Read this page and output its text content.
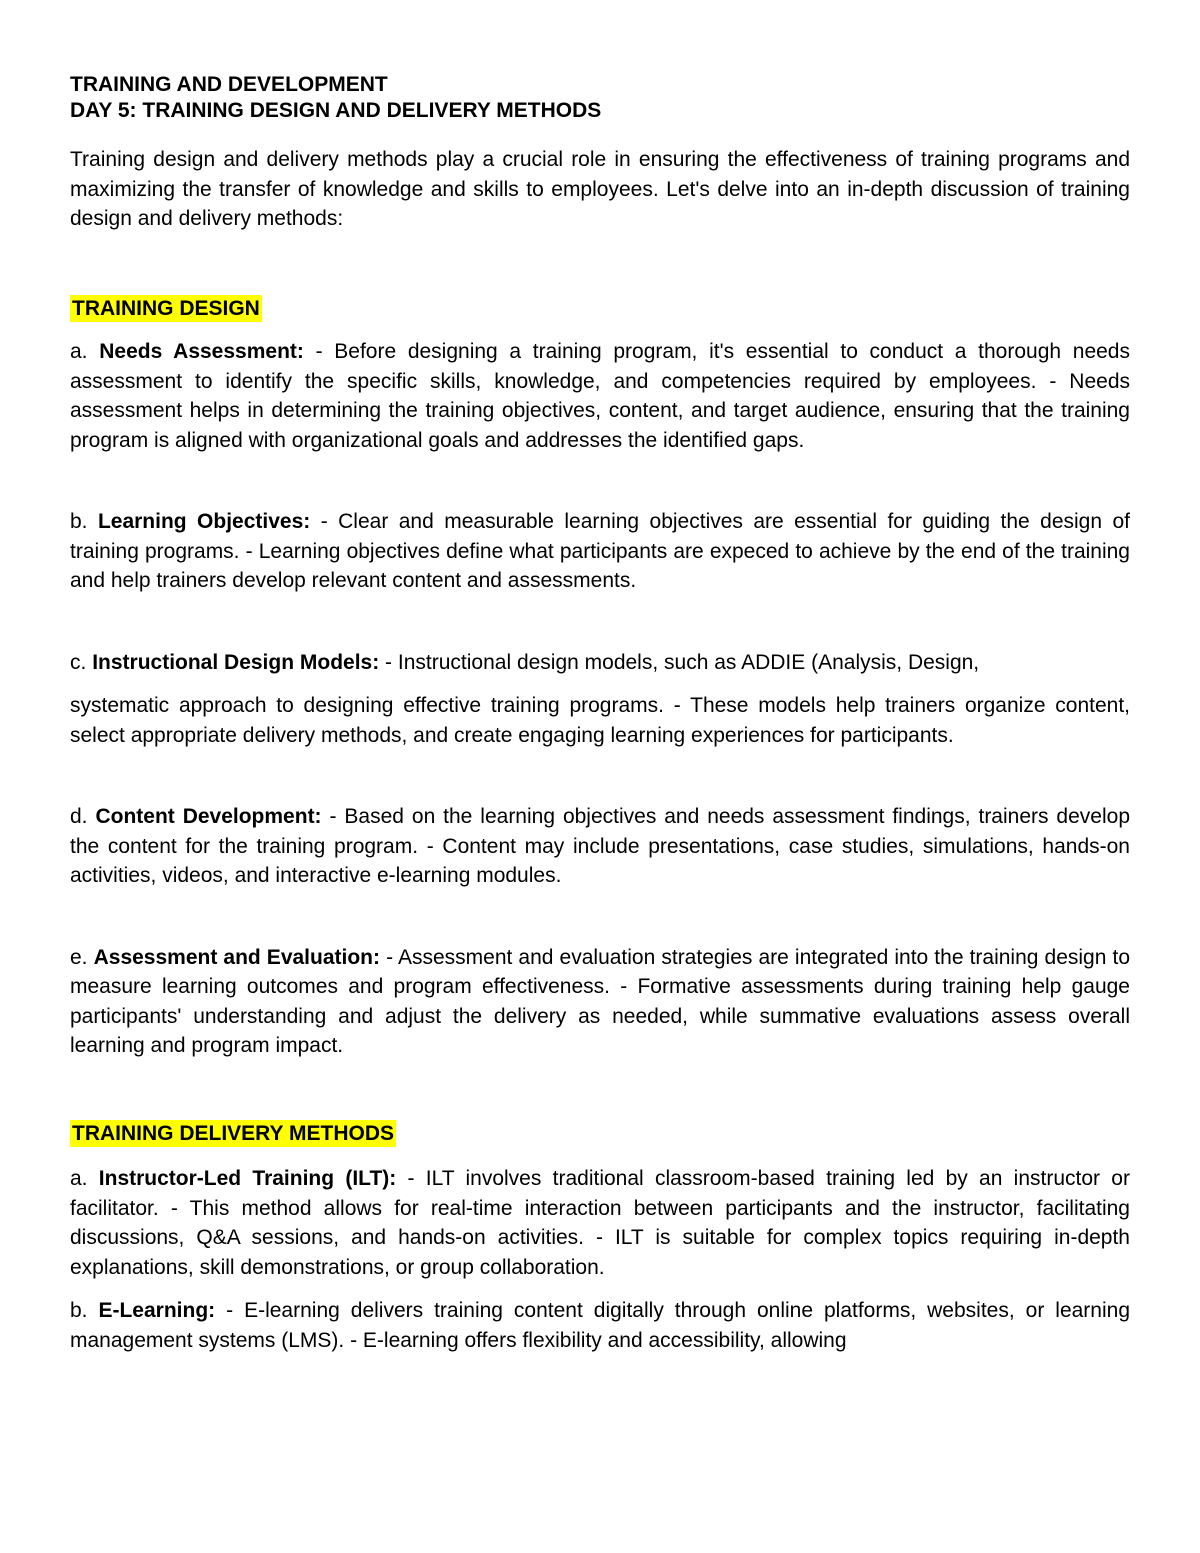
TRAINING AND DEVELOPMENT
DAY 5: TRAINING DESIGN AND DELIVERY METHODS

Training design and delivery methods play a crucial role in ensuring the effectiveness of training programs and maximizing the transfer of knowledge and skills to employees. Let's delve into an in-depth discussion of training design and delivery methods:

TRAINING DESIGN

a. Needs Assessment: - Before designing a training program, it's essential to conduct a thorough needs assessment to identify the specific skills, knowledge, and competencies required by employees. - Needs assessment helps in determining the training objectives, content, and target audience, ensuring that the training program is aligned with organizational goals and addresses the identified gaps.

b. Learning Objectives: - Clear and measurable learning objectives are essential for guiding the design of training programs. - Learning objectives define what participants are expeced to achieve by the end of the training and help trainers develop relevant content and assessments.

c. Instructional Design Models: - Instructional design models, such as ADDIE (Analysis, Design,

systematic approach to designing effective training programs. - These models help trainers organize content, select appropriate delivery methods, and create engaging learning experiences for participants.

d. Content Development: - Based on the learning objectives and needs assessment findings, trainers develop the content for the training program. - Content may include presentations, case studies, simulations, hands-on activities, videos, and interactive e-learning modules.

e. Assessment and Evaluation: - Assessment and evaluation strategies are integrated into the training design to measure learning outcomes and program effectiveness. - Formative assessments during training help gauge participants' understanding and adjust the delivery as needed, while summative evaluations assess overall learning and program impact.

TRAINING DELIVERY METHODS

a. Instructor-Led Training (ILT): - ILT involves traditional classroom-based training led by an instructor or facilitator. - This method allows for real-time interaction between participants and the instructor, facilitating discussions, Q&A sessions, and hands-on activities. - ILT is suitable for complex topics requiring in-depth explanations, skill demonstrations, or group collaboration.

b. E-Learning: - E-learning delivers training content digitally through online platforms, websites, or learning management systems (LMS). - E-learning offers flexibility and accessibility, allowing
